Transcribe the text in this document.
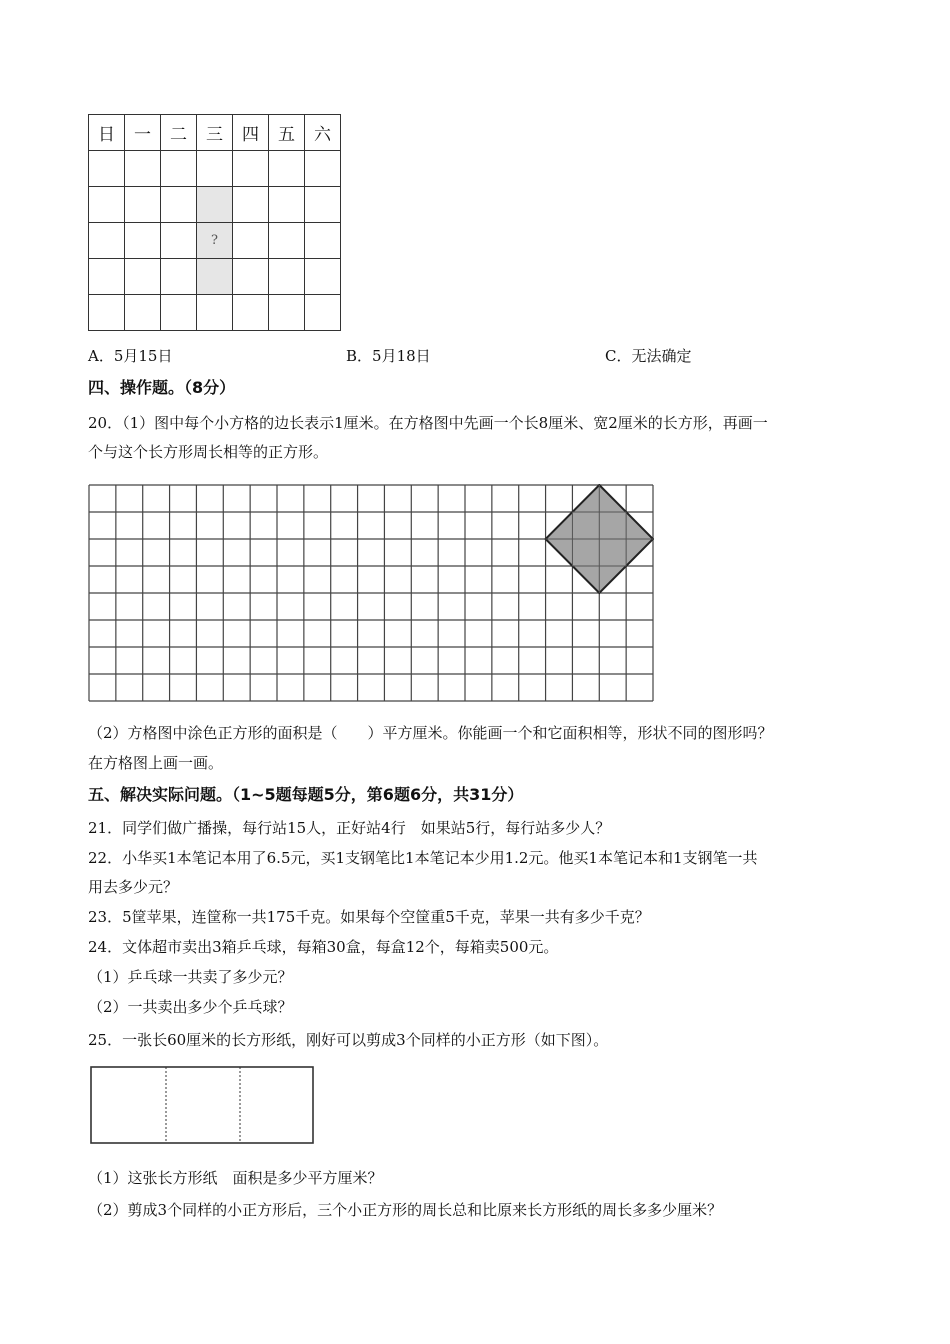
日	一	二	三	四	五	六

			?			

A．5月15日	B．5月18日	C．无法确定
四、操作题。（8分）
20．（1）图中每个小方格的边长表示1厘米。在方格图中先画一个长8厘米、宽2厘米的长方形，再画一
个与这个长方形周长相等的正方形。
（2）方格图中涂色正方形的面积是（　　）平方厘米。你能画一个和它面积相等，形状不同的图形吗？
在方格图上画一画。
五、解决实际问题。（1~5题每题5分，第6题6分，共31分）
21．同学们做广播操，每行站15人，正好站4行　如果站5行，每行站多少人？
22．小华买1本笔记本用了6.5元，买1支钢笔比1本笔记本少用1.2元。他买1本笔记本和1支钢笔一共
用去多少元？
23．5筐苹果，连筐称一共175千克。如果每个空筐重5千克，苹果一共有多少千克？
24．文体超市卖出3箱乒乓球，每箱30盒，每盒12个，每箱卖500元。
（1）乒乓球一共卖了多少元？
（2）一共卖出多少个乒乓球？
25．一张长60厘米的长方形纸，刚好可以剪成3个同样的小正方形（如下图）。
（1）这张长方形纸　面积是多少平方厘米？
（2）剪成3个同样的小正方形后，三个小正方形的周长总和比原来长方形纸的周长多多少厘米？
